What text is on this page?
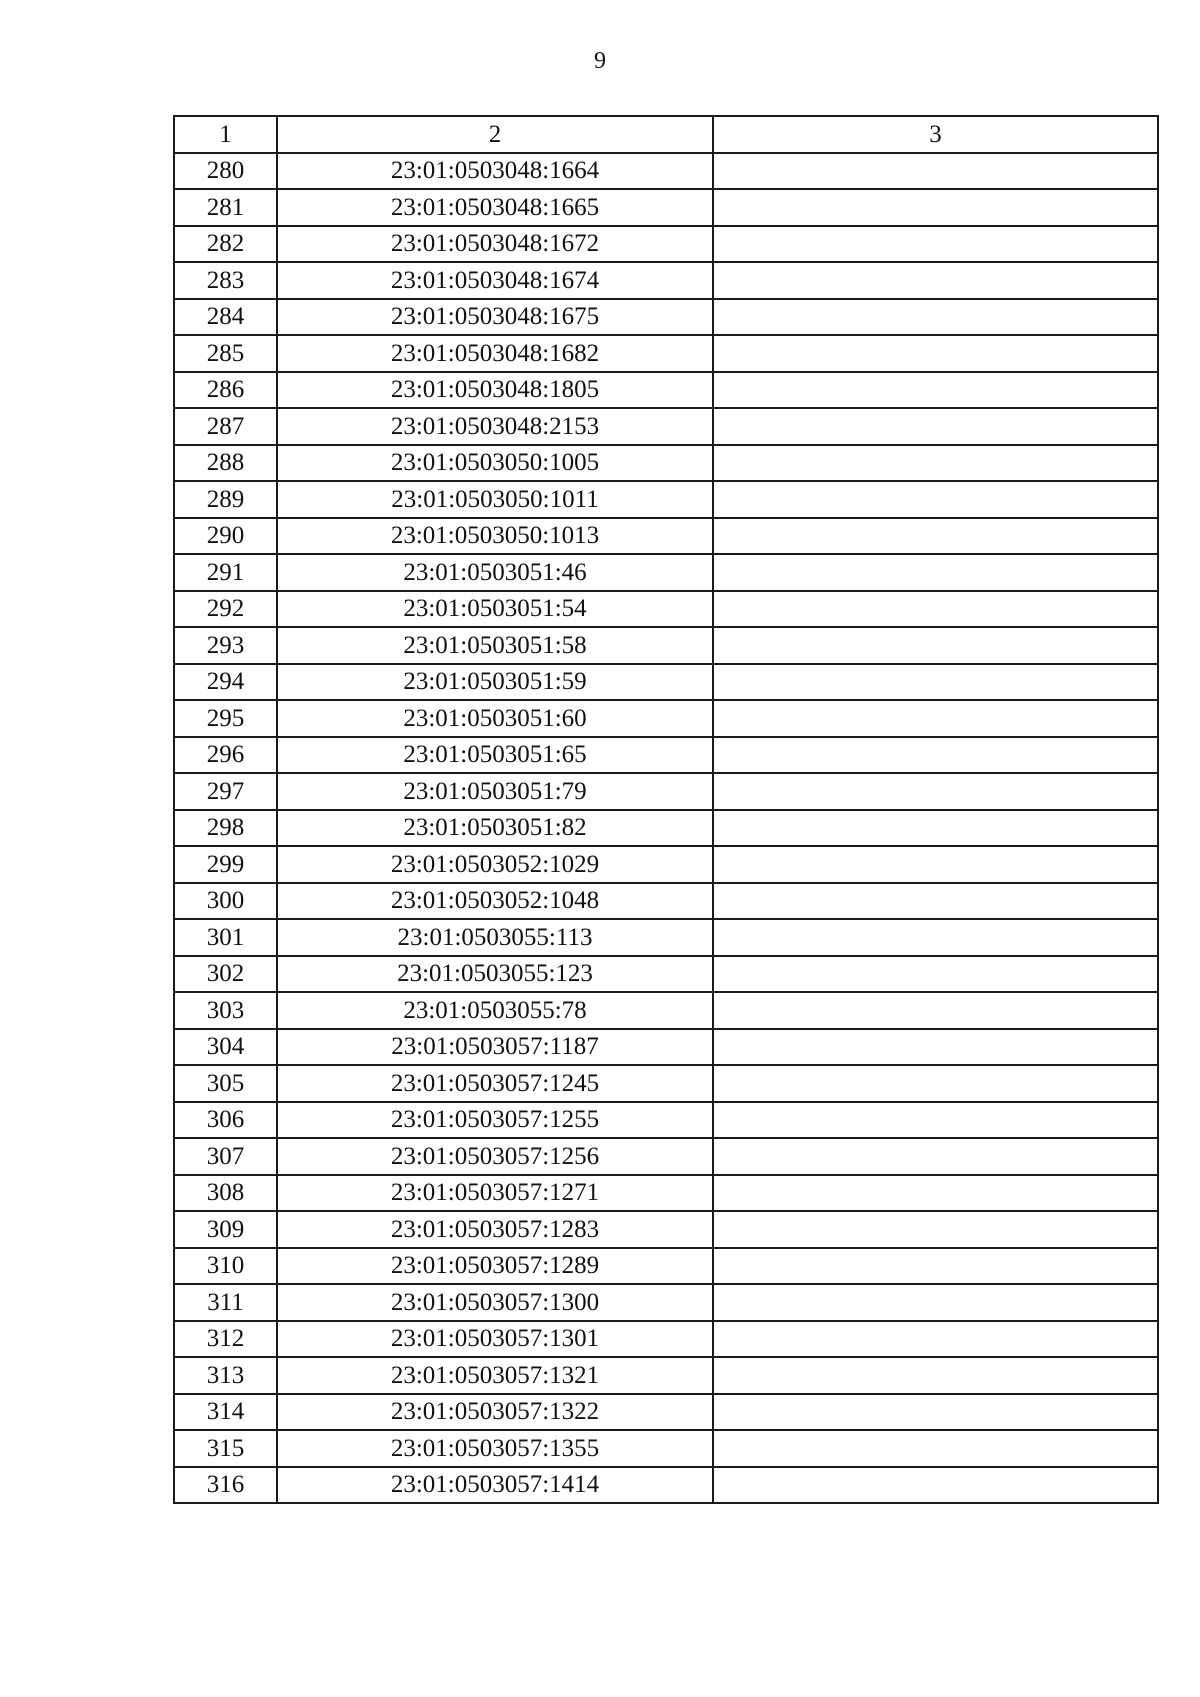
9
1	2	3
280	23:01:0503048:1664	
281	23:01:0503048:1665	
282	23:01:0503048:1672	
283	23:01:0503048:1674	
284	23:01:0503048:1675	
285	23:01:0503048:1682	
286	23:01:0503048:1805	
287	23:01:0503048:2153	
288	23:01:0503050:1005	
289	23:01:0503050:1011	
290	23:01:0503050:1013	
291	23:01:0503051:46	
292	23:01:0503051:54	
293	23:01:0503051:58	
294	23:01:0503051:59	
295	23:01:0503051:60	
296	23:01:0503051:65	
297	23:01:0503051:79	
298	23:01:0503051:82	
299	23:01:0503052:1029	
300	23:01:0503052:1048	
301	23:01:0503055:113	
302	23:01:0503055:123	
303	23:01:0503055:78	
304	23:01:0503057:1187	
305	23:01:0503057:1245	
306	23:01:0503057:1255	
307	23:01:0503057:1256	
308	23:01:0503057:1271	
309	23:01:0503057:1283	
310	23:01:0503057:1289	
311	23:01:0503057:1300	
312	23:01:0503057:1301	
313	23:01:0503057:1321	
314	23:01:0503057:1322	
315	23:01:0503057:1355	
316	23:01:0503057:1414	
